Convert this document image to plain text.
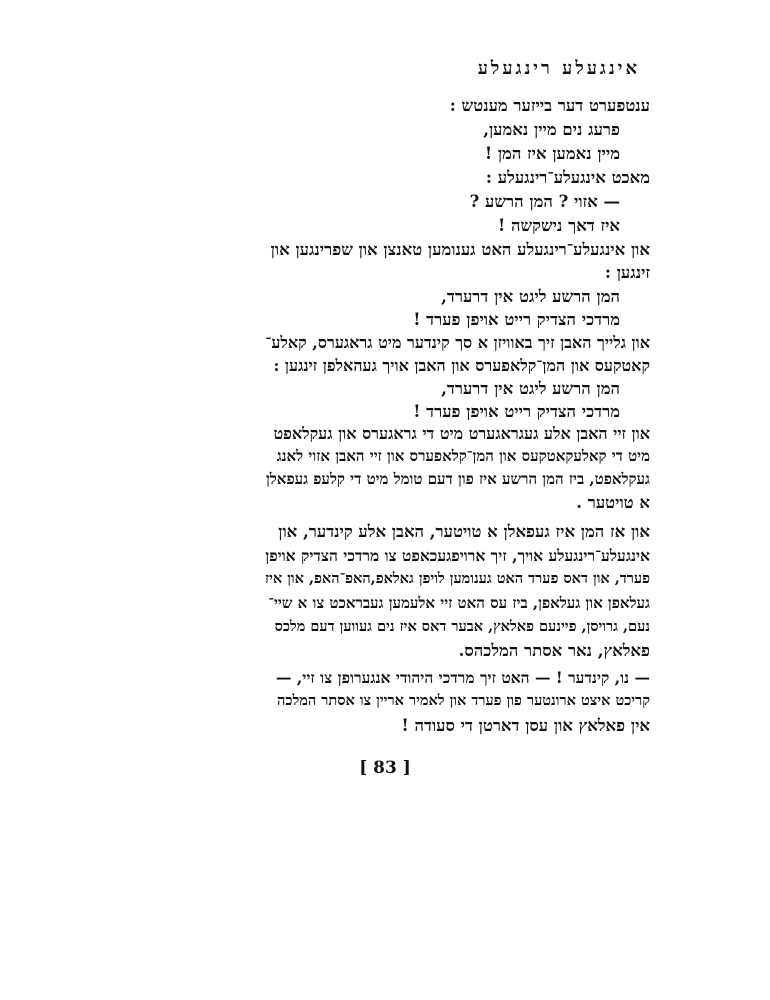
אינגעלע רינגעלע
ענטפערט דער בייזער מענטש :
פרעג נים מיין נאמען,
מיין נאמען איז המן !
מאכט אינגעלע־רינגעלע :
— אזוי ? המן הרשע ?
איז דאך נישקשה !
און אינגעלע־רינגעלע האט גענומען טאנצן און שפרינגען און
זינגען :
המן הרשע ליגט אין דרערד,
מרדכי הצדיק רייט אויפן פערד !
און גלייך האבן זיך באוויזן א סך קינדער מיט גראגערס, קאלע־
קאטקעס און המן־קלאפערס און האבן אויך געהאלפן זינגען :
המן הרשע ליגט אין דרערד,
מרדכי הצדיק רייט אויפן פערד !
און זיי האבן אלע געגראגערט מיט די גראגערס און געקלאפט
מיט די קאלעקאטקעס און המן־קלאפערס און זיי האבן אזוי לאנג
געקלאפט, ביז המן הרשע איז פון דעם טומל מיט די קלעפ געפאלן
א טויטער .
און אז המן איז געפאלן א טויטער, האבן אלע קינדער, און
אינגעלע־רינגעלע אויך, זיך ארויפגעכאפט צו מרדכי הצדיק אויפן
פערד, און דאס פערד האט גענומען לויפן גאלאפ,האפ־האפ, און איז
געלאפן און געלאפן, ביז עס האט זיי אלעמען געבראכט צו א שיי־
נעם, גרויסן, פיינעם פאלאץ, אבער דאס איז נים געווען דעם מלכס
פאלאץ, נאר אסתר המלכהס.
— נו, קינדער ! — האט זיך מרדכי היהודי אנגערופן צו זיי, —
קריכט איצט ארונטער פון פערד און לאמיר אריין צו אסתר המלכה
אין פאלאץ און עסן דארטן די סעודה !
[ 83 ]
